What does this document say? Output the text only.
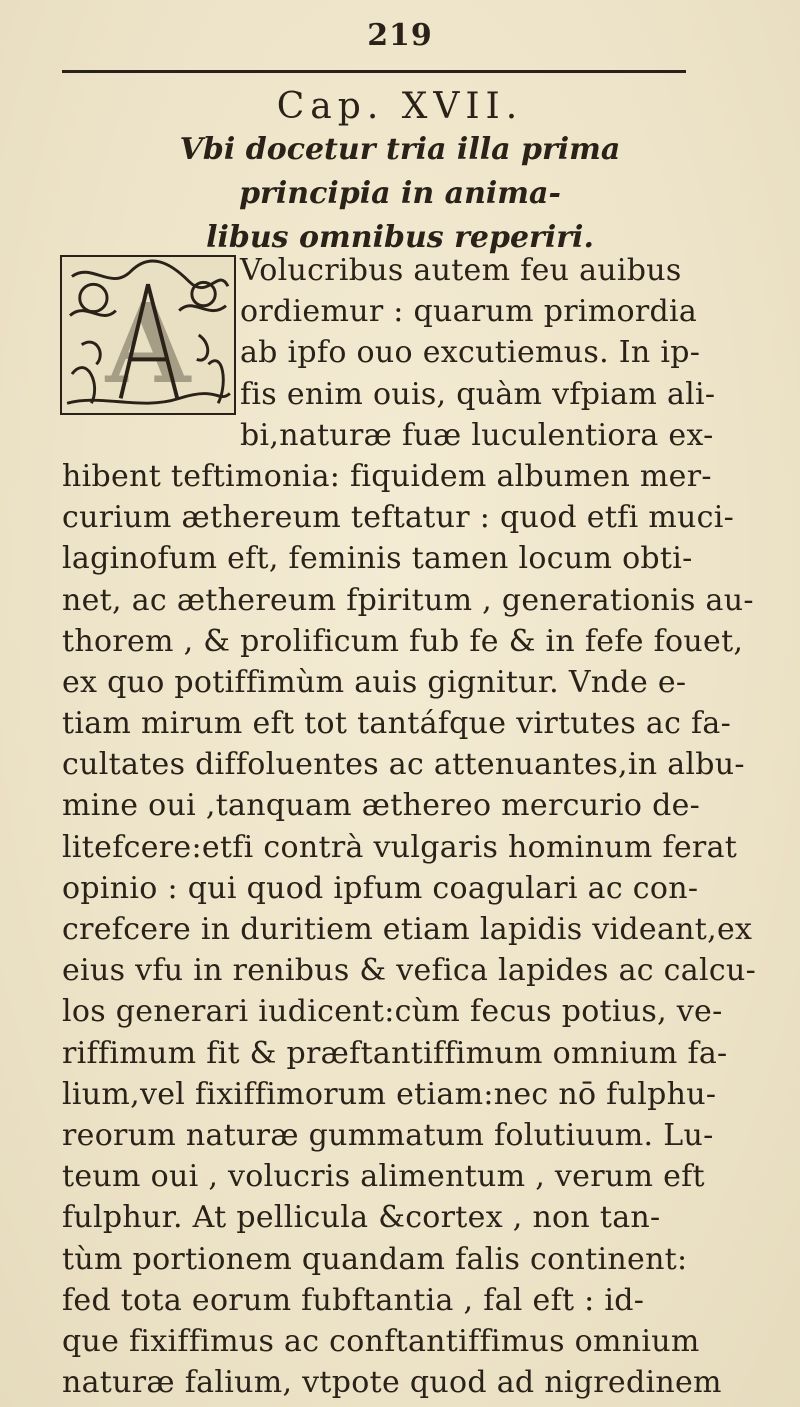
219
Cap. XVII.
Vbi docetur tria illa prima principia in anima-
libus omnibus reperiri.
A
Volucribus autem feu auibus
ordiemur : quarum primordia
ab ipfo ouo excutiemus. In ip-
fis enim ouis, quàm vfpiam ali-
bi,naturæ fuæ luculentiora ex-
hibent teftimonia: fiquidem albumen mer-
curium æthereum teftatur : quod etfi muci-
laginofum eft, feminis tamen locum obti-
net, ac æthereum fpiritum , generationis au-
thorem , & prolificum fub fe & in fefe fouet,
ex quo potiffimùm auis gignitur. Vnde e-
tiam mirum eft tot tantáfque virtutes ac fa-
cultates diffoluentes ac attenuantes,in albu-
mine oui ,tanquam æthereo mercurio de-
litefcere:etfi contrà vulgaris hominum ferat
opinio : qui quod ipfum coagulari ac con-
crefcere in duritiem etiam lapidis videant,ex
eius vfu in renibus & vefica lapides ac calcu-
los generari iudicent:cùm fecus potius, ve-
riffimum fit & præftantiffimum omnium fa-
lium,vel fixiffimorum etiam:nec nō fulphu-
reorum naturæ gummatum folutiuum. Lu-
teum oui , volucris alimentum , verum eft
fulphur. At pellicula &cortex , non tan-
tùm portionem quandam falis continent:
fed tota eorum fubftantia , fal eft : id-
que fixiffimus ac conftantiffimus omnium
naturæ falium, vtpote quod ad nigredinem
